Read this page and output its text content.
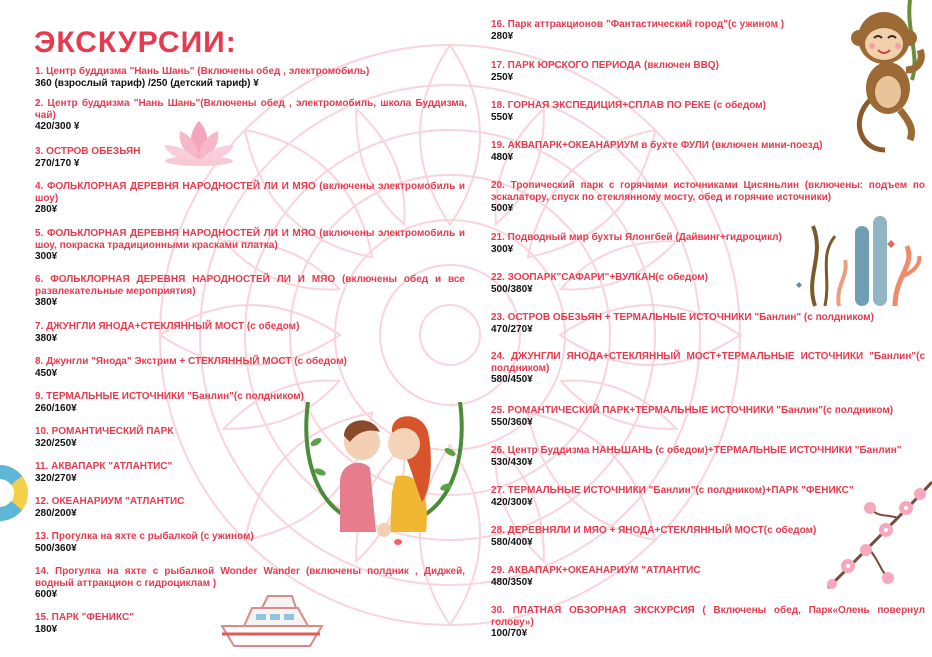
ЭКСКУРСИИ:
1. Центр буддизма "Нань Шань" (Включены обед , электромобиль)
360 (взрослый тариф) /250 (детский тариф) ¥
2. Центр буддизма "Нань Шань"(Включены обед , электромобиль, школа Буддизма, чай)
420/300 ¥
3. ОСТРОВ ОБЕЗЬЯН
270/170 ¥
4. ФОЛЬКЛОРНАЯ ДЕРЕВНЯ НАРОДНОСТЕЙ ЛИ И МЯО (включены электромобиль и шоу)
280¥
5. ФОЛЬКЛОРНАЯ ДЕРЕВНЯ НАРОДНОСТЕЙ ЛИ И МЯО (включены электромобиль и шоу, покраска традиционными красками платка)
300¥
6. ФОЛЬКЛОРНАЯ ДЕРЕВНЯ НАРОДНОСТЕЙ ЛИ И МЯО (включены обед и все развлекательные мероприятия)
380¥
7. ДЖУНГЛИ ЯНОДА+СТЕКЛЯННЫЙ МОСТ (с обедом)
380¥
8. Джунгли "Янода" Экстрим + СТЕКЛЯННЫЙ МОСТ (с обедом)
450¥
9. ТЕРМАЛЬНЫЕ ИСТОЧНИКИ "Банлин"(с полдником)
260/160¥
10. РОМАНТИЧЕСКИЙ ПАРК
320/250¥
11. АКВАПАРК "АТЛАНТИС"
320/270¥
12. ОКЕАНАРИУМ "АТЛАНТИС
280/200¥
13. Прогулка на яхте с рыбалкой (с ужином)
500/360¥
14. Прогулка на яхте с рыбалкой Wonder Wander (включены полдник , Диджей, водный аттракцион с гидроциклам )
600¥
15. ПАРК "ФЕНИКС"
180¥
16. Парк аттракционов "Фантастический город"(с ужином )
280¥
17. ПАРК ЮРСКОГО ПЕРИОДА (включен BBQ)
250¥
18. ГОРНАЯ ЭКСПЕДИЦИЯ+СПЛАВ ПО РЕКЕ (с обедом)
550¥
19. АКВАПАРК+ОКЕАНАРИУМ в бухте ФУЛИ (включен мини-поезд)
480¥
20. Тропический парк с горячими источниками Цисяньлин (включены: подъем по эскалатору, спуск по стеклянному мосту, обед и горячие источники)
500¥
21. Подводный мир бухты Ялонгбей (Дайвинг+гидроцикл)
300¥
22. ЗООПАРК"САФАРИ"+ВУЛКАН(с обедом)
500/380¥
23. ОСТРОВ ОБЕЗЬЯН + ТЕРМАЛЬНЫЕ ИСТОЧНИКИ "Банлин" (с полдником)
470/270¥
24. ДЖУНГЛИ ЯНОДА+СТЕКЛЯННЫЙ МОСТ+ТЕРМАЛЬНЫЕ ИСТОЧНИКИ "Банлин"(с полдником)
580/450¥
25. РОМАНТИЧЕСКИЙ ПАРК+ТЕРМАЛЬНЫЕ ИСТОЧНИКИ "Банлин"(с полдником)
550/360¥
26. Центр Буддизма НАНЬШАНЬ (с обедом)+ТЕРМАЛЬНЫЕ ИСТОЧНИКИ "Банлин"
530/430¥
27. ТЕРМАЛЬНЫЕ ИСТОЧНИКИ "Банлин"(с полдником)+ПАРК "ФЕНИКС"
420/300¥
28. ДЕРЕВНЯЛИ И МЯО + ЯНОДА+СТЕКЛЯННЫЙ МОСТ(с обедом)
580/400¥
29. АКВАПАРК+ОКЕАНАРИУМ "АТЛАНТИС
480/350¥
30. ПЛАТНАЯ ОБЗОРНАЯ ЭКСКУРСИЯ ( Включены обед, Парк«Олень повернул голову»)
100/70¥
